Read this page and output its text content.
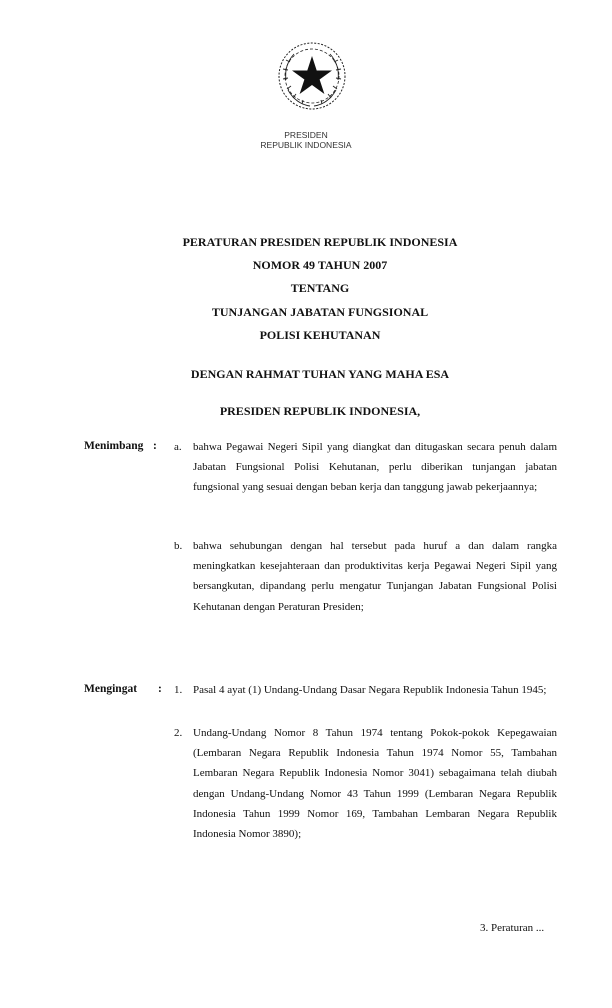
PRESIDEN
REPUBLIK INDONESIA
PERATURAN PRESIDEN REPUBLIK INDONESIA
NOMOR 49 TAHUN 2007
TENTANG
TUNJANGAN JABATAN FUNGSIONAL
POLISI KEHUTANAN
DENGAN RAHMAT TUHAN YANG MAHA ESA
PRESIDEN REPUBLIK INDONESIA,
Menimbang : a. bahwa Pegawai Negeri Sipil yang diangkat dan ditugaskan secara penuh dalam Jabatan Fungsional Polisi Kehutanan, perlu diberikan tunjangan jabatan fungsional yang sesuai dengan beban kerja dan tanggung jawab pekerjaannya;
b. bahwa sehubungan dengan hal tersebut pada huruf a dan dalam rangka meningkatkan kesejahteraan dan produktivitas kerja Pegawai Negeri Sipil yang bersangkutan, dipandang perlu mengatur Tunjangan Jabatan Fungsional Polisi Kehutanan dengan Peraturan Presiden;
Mengingat : 1. Pasal 4 ayat (1) Undang-Undang Dasar Negara Republik Indonesia Tahun 1945;
2. Undang-Undang Nomor 8 Tahun 1974 tentang Pokok-pokok Kepegawaian (Lembaran Negara Republik Indonesia Tahun 1974 Nomor 55, Tambahan Lembaran Negara Republik Indonesia Nomor 3041) sebagaimana telah diubah dengan Undang-Undang Nomor 43 Tahun 1999 (Lembaran Negara Republik Indonesia Tahun 1999 Nomor 169, Tambahan Lembaran Negara Republik Indonesia Nomor 3890);
3. Peraturan ...
